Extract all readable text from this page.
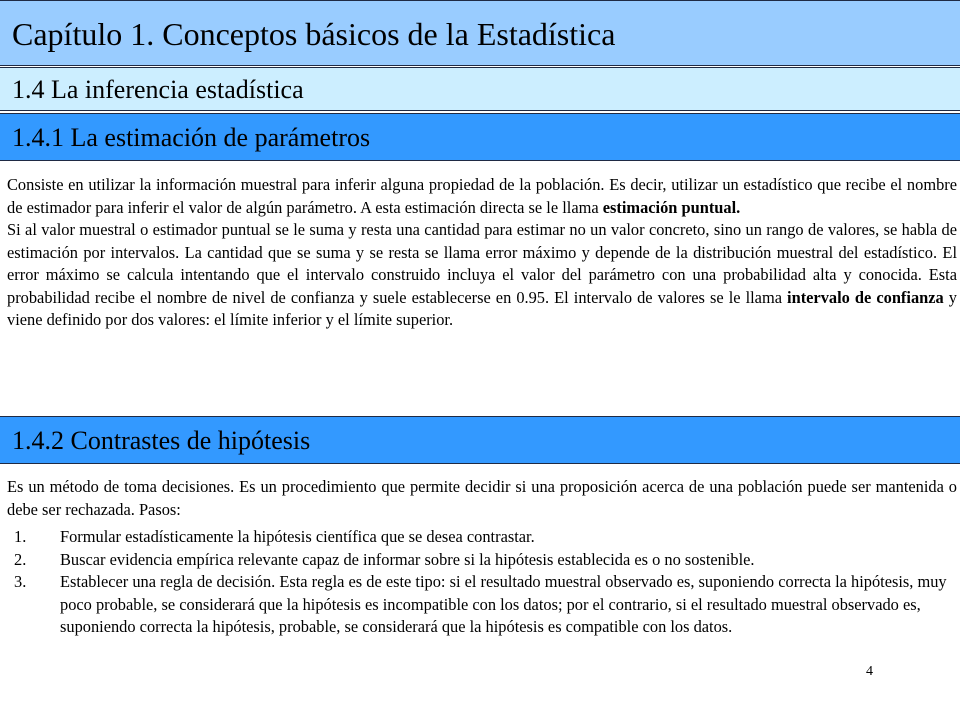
Capítulo 1. Conceptos básicos de la Estadística
1.4 La inferencia estadística
1.4.1 La estimación de parámetros
Consiste en utilizar la información muestral para inferir alguna propiedad de la población. Es decir, utilizar un estadístico que recibe el nombre de estimador para inferir el valor de algún parámetro. A esta estimación directa se le llama estimación puntual.
Si al valor muestral o estimador puntual se le suma y resta una cantidad para estimar no un valor concreto, sino un rango de valores, se habla de estimación por intervalos. La cantidad que se suma y se resta se llama error máximo y depende de la distribución muestral del estadístico. El error máximo se calcula intentando que el intervalo construido incluya el valor del parámetro con una probabilidad alta y conocida. Esta probabilidad recibe el nombre de nivel de confianza y suele establecerse en 0.95. El intervalo de valores se le llama intervalo de confianza y viene definido por dos valores: el límite inferior y el límite superior.
1.4.2 Contrastes de hipótesis
Es un método de toma decisiones. Es un procedimiento que permite decidir si una proposición acerca de una población puede ser mantenida o debe ser rechazada. Pasos:
1. Formular estadísticamente la hipótesis científica que se desea contrastar.
2. Buscar evidencia empírica relevante capaz de informar sobre si la hipótesis establecida es o no sostenible.
3. Establecer una regla de decisión. Esta regla es de este tipo: si el resultado muestral observado es, suponiendo correcta la hipótesis, muy poco probable, se considerará que la hipótesis es incompatible con los datos; por el contrario, si el resultado muestral observado es, suponiendo correcta la hipótesis, probable, se considerará que la hipótesis es compatible con los datos.
4
